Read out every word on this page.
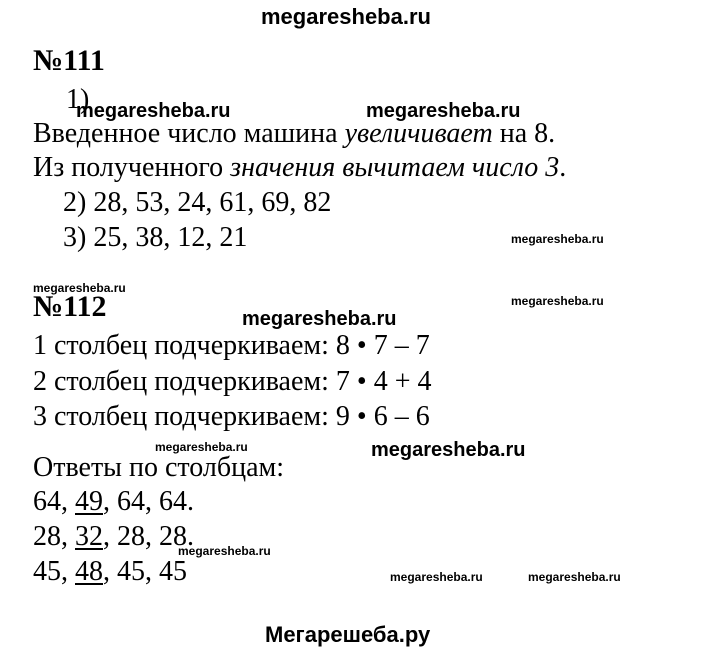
megaresheba.ru
megaresheba.ru	megaresheba.ru
megaresheba.ru
megaresheba.ru
megaresheba.ru
megaresheba.ru
megaresheba.ru	megaresheba.ru
megaresheba.ru
megaresheba.ru	megaresheba.ru
Мегарешеба.ру
№111
1)
Введенное число машина увеличивает на 8.
Из полученного значения вычитаем число 3.
2) 28, 53, 24, 61, 69, 82
3) 25, 38, 12, 21
№112
1 столбец подчеркиваем: 8 • 7 – 7
2 столбец подчеркиваем: 7 • 4 + 4
3 столбец подчеркиваем: 9 • 6 – 6
Ответы по столбцам:
64, 49, 64, 64.
28, 32, 28, 28.
45, 48, 45, 45
